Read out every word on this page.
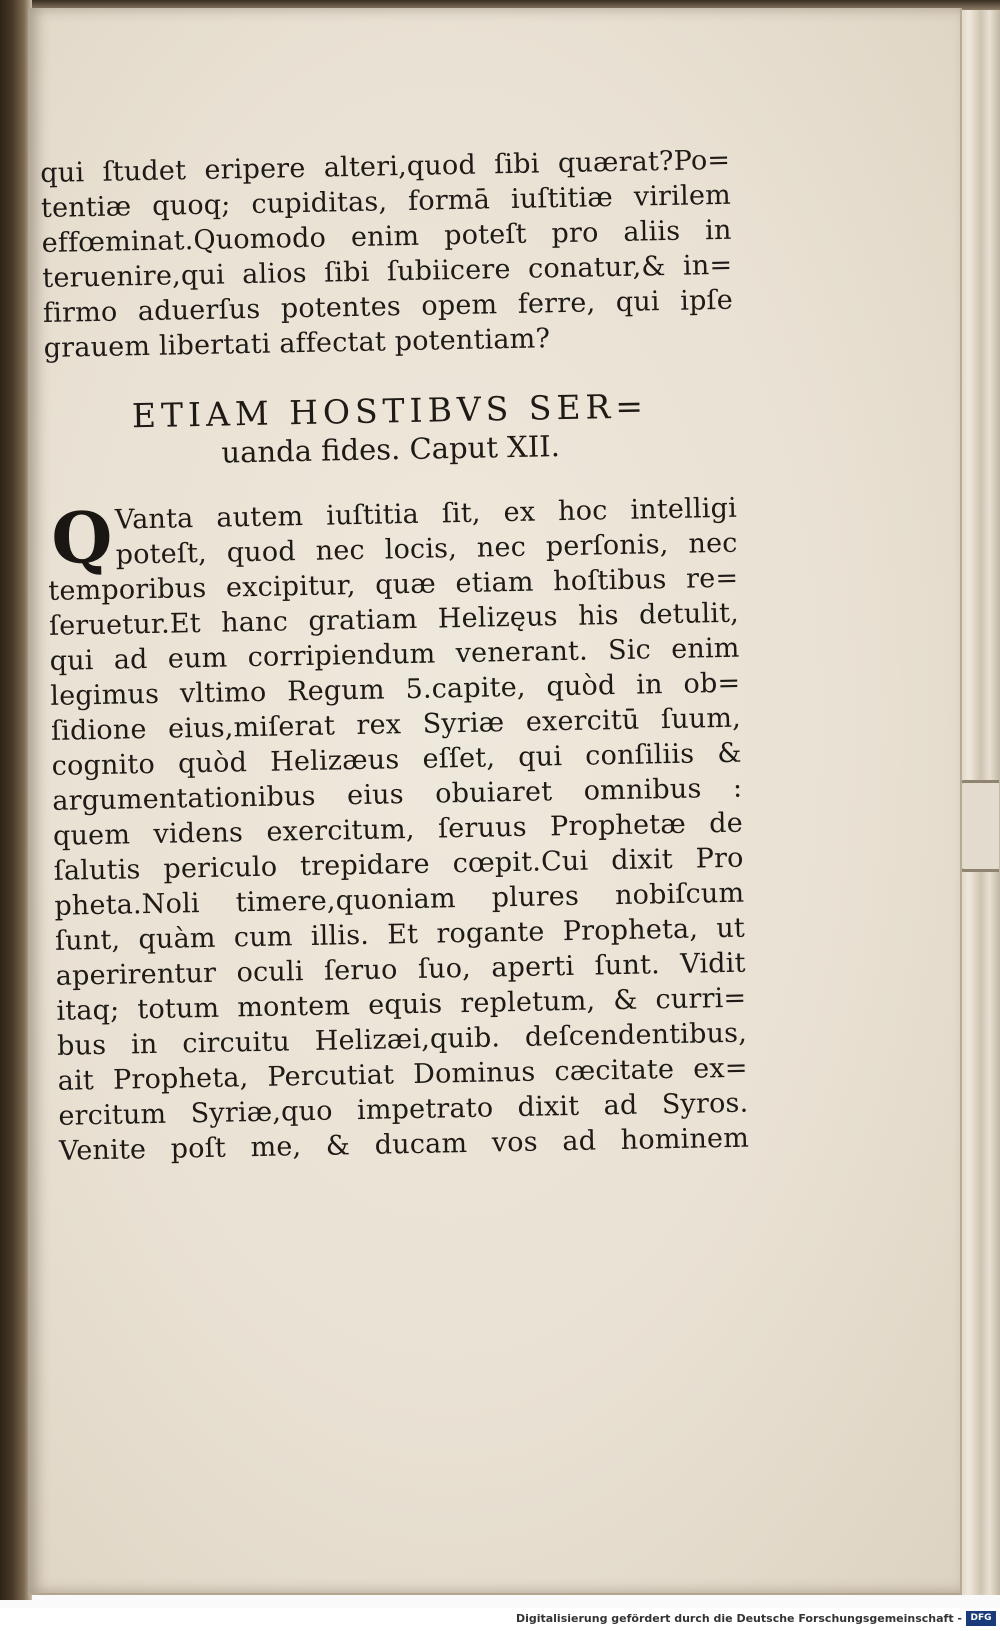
qui ſtudet eripere alteri,quod ſibi quærat?Po=
tentiæ quoq; cupiditas, formā iuſtitiæ virilem
effœminat.Quomodo enim poteſt pro aliis in
teruenire,qui alios ſibi ſubiicere conatur,& in=
firmo aduerſus potentes opem ferre, qui ipſe
grauem libertati affectat potentiam?
ETIAM HOSTIBVS SER=
uanda fides. Caput XII.
Q Vanta autem iuſtitia ſit, ex hoc intelligi
poteſt, quod nec locis, nec perſonis, nec
temporibus excipitur, quæ etiam hoſtibus re=
ſeruetur.Et hanc gratiam Helizęus his detulit,
qui ad eum corripiendum venerant. Sic enim
legimus vltimo Regum 5.capite, quòd in ob=
ſidione eius,miſerat rex Syriæ exercitū ſuum,
cognito quòd Helizæus eſſet, qui conſiliis &
argumentationibus eius obuiaret omnibus :
quem videns exercitum, ſeruus Prophetæ de
ſalutis periculo trepidare cœpit.Cui dixit Pro
pheta.Noli timere,quoniam plures nobiſcum
ſunt, quàm cum illis. Et rogante Propheta, ut
aperirentur oculi ſeruo ſuo, aperti ſunt. Vidit
itaq; totum montem equis repletum, & curri=
bus in circuitu Helizæi,quib. deſcendentibus,
ait Propheta, Percutiat Dominus cæcitate ex=
ercitum Syriæ,quo impetrato dixit ad Syros.
Venite poſt me, & ducam vos ad hominem
Digitalisierung gefördert durch die Deutsche Forschungsgemeinschaft - DFG
